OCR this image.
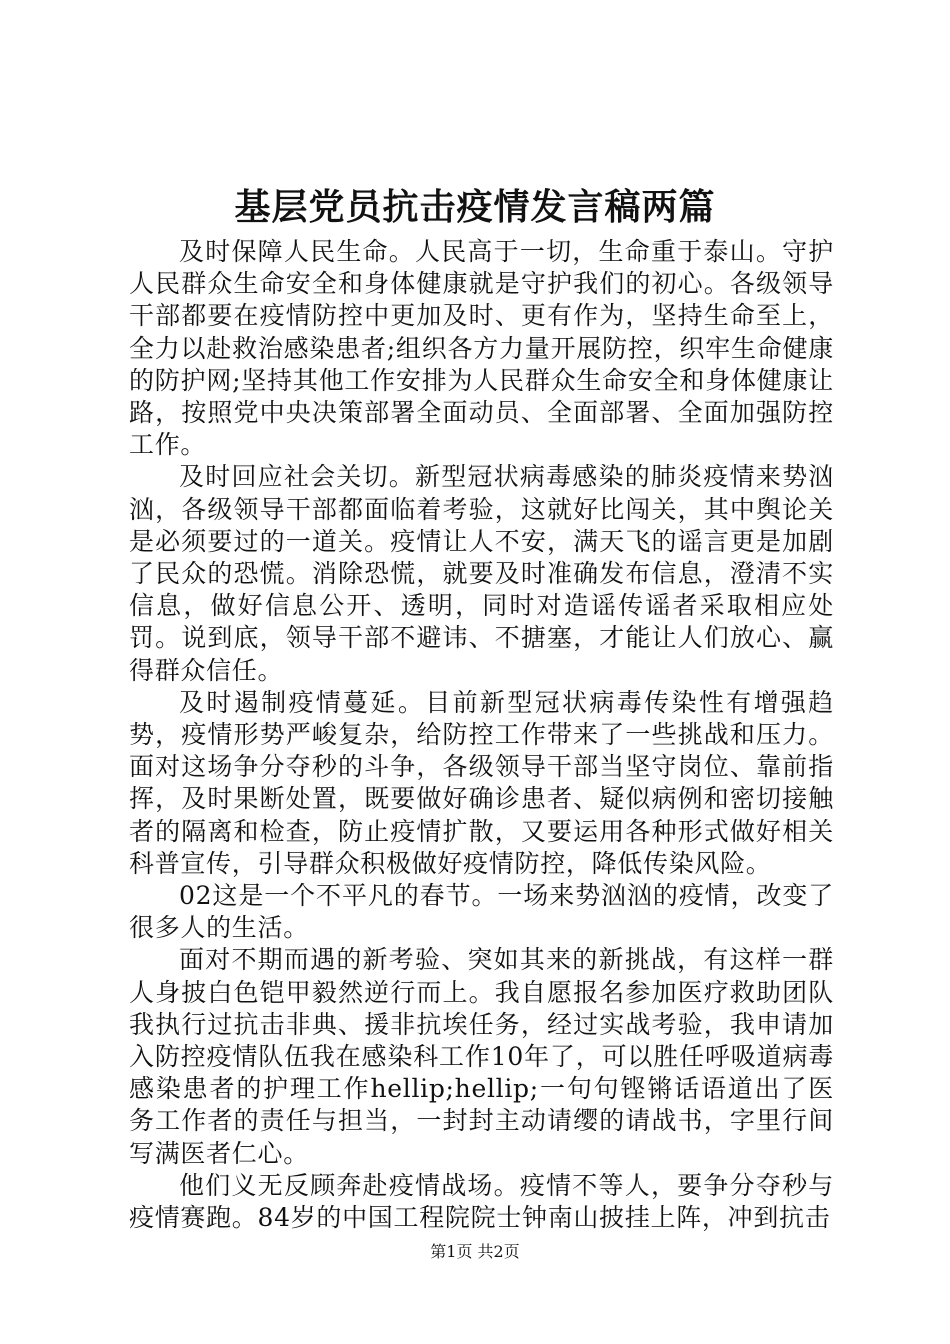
基层党员抗击疫情发言稿两篇

及时保障人民生命。人民高于一切，生命重于泰山。守护人民群众生命安全和身体健康就是守护我们的初心。各级领导干部都要在疫情防控中更加及时、更有作为，坚持生命至上，全力以赴救治感染患者;组织各方力量开展防控，织牢生命健康的防护网;坚持其他工作安排为人民群众生命安全和身体健康让路，按照党中央决策部署全面动员、全面部署、全面加强防控工作。

及时回应社会关切。新型冠状病毒感染的肺炎疫情来势汹汹，各级领导干部都面临着考验，这就好比闯关，其中舆论关是必须要过的一道关。疫情让人不安，满天飞的谣言更是加剧了民众的恐慌。消除恐慌，就要及时准确发布信息，澄清不实信息，做好信息公开、透明，同时对造谣传谣者采取相应处罚。说到底，领导干部不避讳、不搪塞，才能让人们放心、赢得群众信任。

及时遏制疫情蔓延。目前新型冠状病毒传染性有增强趋势，疫情形势严峻复杂，给防控工作带来了一些挑战和压力。面对这场争分夺秒的斗争，各级领导干部当坚守岗位、靠前指挥，及时果断处置，既要做好确诊患者、疑似病例和密切接触者的隔离和检查，防止疫情扩散，又要运用各种形式做好相关科普宣传，引导群众积极做好疫情防控，降低传染风险。

02这是一个不平凡的春节。一场来势汹汹的疫情，改变了很多人的生活。

面对不期而遇的新考验、突如其来的新挑战，有这样一群人身披白色铠甲毅然逆行而上。我自愿报名参加医疗救助团队我执行过抗击非典、援非抗埃任务，经过实战考验，我申请加入防控疫情队伍我在感染科工作10年了，可以胜任呼吸道病毒感染患者的护理工作hellip;hellip;一句句铿锵话语道出了医务工作者的责任与担当，一封封主动请缨的请战书，字里行间写满医者仁心。

他们义无反顾奔赴疫情战场。疫情不等人，要争分夺秒与疫情赛跑。84岁的中国工程院院士钟南山披挂上阵，冲到抗击

第1页 共2页
